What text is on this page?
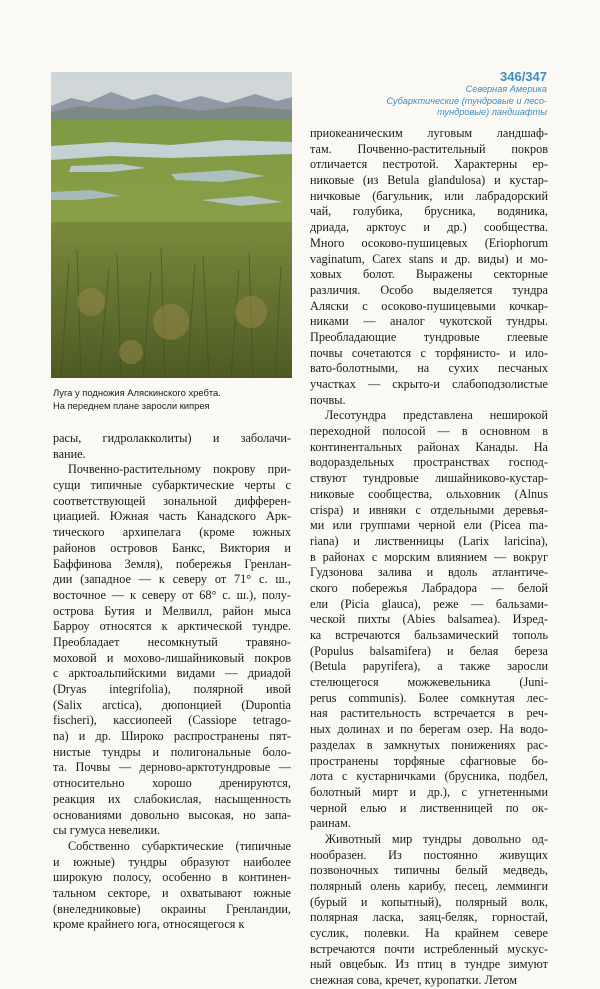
Луга у подножия Аляскинского хребта.
На переднем плане заросли кипрея
346/347
Северная Америка
Субарктические (тундровые и лесо-
тундровые) ландшафты
приокеаническим луговым ландшаф-
там. Почвенно-растительный покров
отличается пестротой. Характерны ер-
никовые (из Betula glandulosa) и кустар-
ничковые (багульник, или лабрадорский
чай, голубика, брусника, водяника,
дриада, арктоус и др.) сообщества.
Много осоково-пушицевых (Eriophorum
vaginatum, Carex stans и др. виды) и мо-
ховых болот. Выражены секторные
различия. Особо выделяется тундра
Аляски с осоково-пушицевыми кочкар-
никами — аналог чукотской тундры.
Преобладающие тундровые глеевые
почвы сочетаются с торфянисто- и ило-
вато-болотными, на сухих песчаных
участках — скрыто-и слабоподзолистые
почвы.
Лесотундра представлена неширокой
переходной полосой — в основном в
континентальных районах Канады. На
водораздельных пространствах господ-
ствуют тундровые лишайниково-кустар-
никовые сообщества, ольховник (Alnus
crispa) и ивняки с отдельными деревья-
ми или группами черной ели (Picea ma-
riana) и лиственницы (Larix laricina),
в районах с морским влиянием — вокруг
Гудзонова залива и вдоль атлантиче-
ского побережья Лабрадора — белой
ели (Picia glauca), реже — бальзами-
ческой пихты (Abies balsamea). Изред-
ка встречаются бальзамический тополь
(Populus balsamifera) и белая береза
(Betula papyrifera), а также заросли
стелющегося можжевельника (Juni-
perus communis). Более сомкнутая лес-
ная растительность встречается в реч-
ных долинах и по берегам озер. На водо-
разделах в замкнутых понижениях рас-
пространены торфяные сфагновые бо-
лота с кустарничками (брусника, подбел,
болотный мирт и др.), с угнетенными
черной елью и лиственницей по ок-
раинам.
Животный мир тундры довольно од-
нообразен. Из постоянно живущих
позвоночных типичны белый медведь,
полярный олень карибу, песец, лемминги
(бурый и копытный), полярный волк,
полярная ласка, заяц-беляк, горностай,
суслик, полевки. На крайнем севере
встречаются почти истребленный мускус-
ный овцебык. Из птиц в тундре зимуют
снежная сова, кречет, куропатки. Летом
расы, гидролакколиты) и заболачи-
вание.
Почвенно-растительному покрову при-
сущи типичные субарктические черты с
соответствующей зональной дифферен-
циацией. Южная часть Канадского Арк-
тического архипелага (кроме южных
районов островов Банкс, Виктория и
Баффинова Земля), побережья Гренлан-
дии (западное — к северу от 71° с. ш.,
восточное — к северу от 68° с. ш.), полу-
острова Бутия и Мелвилл, район мыса
Барроу относятся к арктической тундре.
Преобладает несомкнутый травяно-
моховой и мохово-лишайниковый покров
с арктоальпийскими видами — дриадой
(Dryas integrifolia), полярной ивой
(Salix arctica), дюпонцией (Dupontia
fischeri), кассиопеей (Cassiope tetrago-
na) и др. Широко распространены пят-
нистые тундры и полигональные боло-
та. Почвы — дерново-арктотундровые —
относительно хорошо дренируются,
реакция их слабокислая, насыщенность
основаниями довольно высокая, но запа-
сы гумуса невелики.
Собственно субарктические (типичные
и южные) тундры образуют наиболее
широкую полосу, особенно в континен-
тальном секторе, и охватывают южные
(внеледниковые) окраины Гренландии,
кроме крайнего юга, относящегося к
